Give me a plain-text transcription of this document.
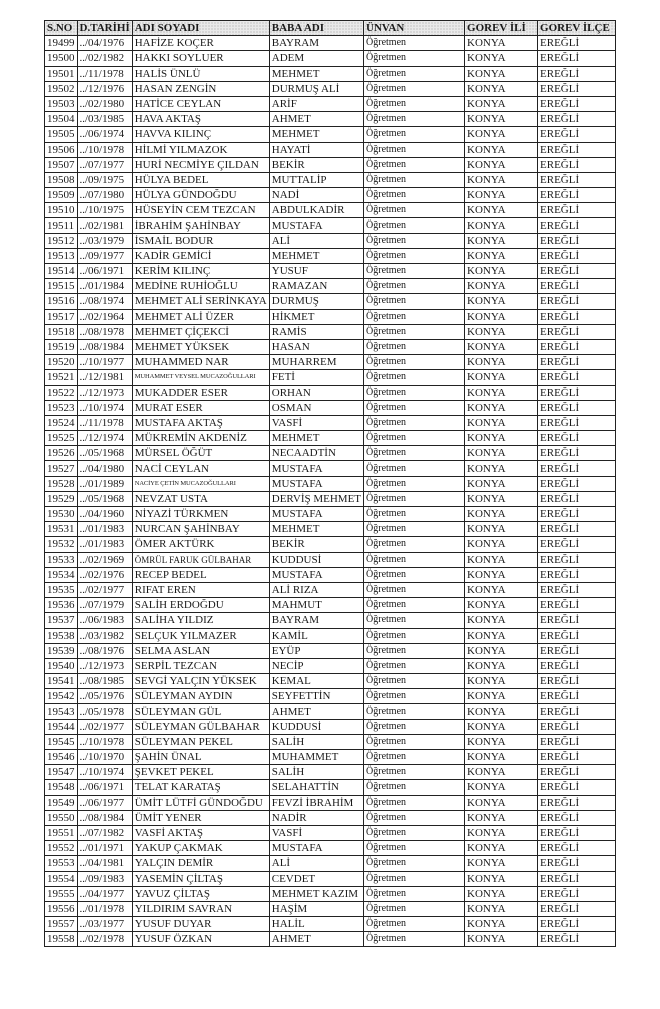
S.NO	D.TARİHİ	ADI SOYADI	BABA ADI	ÜNVAN	GOREV İLİ	GOREV İLÇE
19499	../04/1976	HAFİZE KOÇER	BAYRAM	Öğretmen	KONYA	EREĞLİ
19500	../02/1982	HAKKI SOYLUER	ADEM	Öğretmen	KONYA	EREĞLİ
19501	../11/1978	HALİS ÜNLÜ	MEHMET	Öğretmen	KONYA	EREĞLİ
19502	../12/1976	HASAN ZENGİN	DURMUŞ ALİ	Öğretmen	KONYA	EREĞLİ
19503	../02/1980	HATİCE CEYLAN	ARİF	Öğretmen	KONYA	EREĞLİ
19504	../03/1985	HAVA AKTAŞ	AHMET	Öğretmen	KONYA	EREĞLİ
19505	../06/1974	HAVVA KILINÇ	MEHMET	Öğretmen	KONYA	EREĞLİ
19506	../10/1978	HİLMİ YILMAZOK	HAYATİ	Öğretmen	KONYA	EREĞLİ
19507	../07/1977	HURİ NECMİYE ÇILDAN	BEKİR	Öğretmen	KONYA	EREĞLİ
19508	../09/1975	HÜLYA BEDEL	MUTTALİP	Öğretmen	KONYA	EREĞLİ
19509	../07/1980	HÜLYA GÜNDOĞDU	NADİ	Öğretmen	KONYA	EREĞLİ
19510	../10/1975	HÜSEYİN CEM TEZCAN	ABDULKADİR	Öğretmen	KONYA	EREĞLİ
19511	../02/1981	İBRAHİM ŞAHİNBAY	MUSTAFA	Öğretmen	KONYA	EREĞLİ
19512	../03/1979	İSMAİL BODUR	ALİ	Öğretmen	KONYA	EREĞLİ
19513	../09/1977	KADİR GEMİCİ	MEHMET	Öğretmen	KONYA	EREĞLİ
19514	../06/1971	KERİM KILINÇ	YUSUF	Öğretmen	KONYA	EREĞLİ
19515	../01/1984	MEDİNE RUHİOĞLU	RAMAZAN	Öğretmen	KONYA	EREĞLİ
19516	../08/1974	MEHMET ALİ SERİNKAYA	DURMUŞ	Öğretmen	KONYA	EREĞLİ
19517	../02/1964	MEHMET ALİ ÜZER	HİKMET	Öğretmen	KONYA	EREĞLİ
19518	../08/1978	MEHMET ÇİÇEKCİ	RAMİS	Öğretmen	KONYA	EREĞLİ
19519	../08/1984	MEHMET YÜKSEK	HASAN	Öğretmen	KONYA	EREĞLİ
19520	../10/1977	MUHAMMED NAR	MUHARREM	Öğretmen	KONYA	EREĞLİ
19521	../12/1981	MUHAMMET VEYSEL MUCAZOĞULLARI	FETİ	Öğretmen	KONYA	EREĞLİ
19522	../12/1973	MUKADDER ESER	ORHAN	Öğretmen	KONYA	EREĞLİ
19523	../10/1974	MURAT ESER	OSMAN	Öğretmen	KONYA	EREĞLİ
19524	../11/1978	MUSTAFA AKTAŞ	VASFİ	Öğretmen	KONYA	EREĞLİ
19525	../12/1974	MÜKREMİN AKDENİZ	MEHMET	Öğretmen	KONYA	EREĞLİ
19526	../05/1968	MÜRSEL ÖĞÜT	NECAADTİN	Öğretmen	KONYA	EREĞLİ
19527	../04/1980	NACİ CEYLAN	MUSTAFA	Öğretmen	KONYA	EREĞLİ
19528	../01/1989	NACİYE ÇETİN MUCAZOĞULLARI	MUSTAFA	Öğretmen	KONYA	EREĞLİ
19529	../05/1968	NEVZAT USTA	DERVİŞ MEHMET	Öğretmen	KONYA	EREĞLİ
19530	../04/1960	NİYAZİ TÜRKMEN	MUSTAFA	Öğretmen	KONYA	EREĞLİ
19531	../01/1983	NURCAN ŞAHİNBAY	MEHMET	Öğretmen	KONYA	EREĞLİ
19532	../01/1983	ÖMER AKTÜRK	BEKİR	Öğretmen	KONYA	EREĞLİ
19533	../02/1969	ÖMRÜL FARUK GÜLBAHAR	KUDDUSİ	Öğretmen	KONYA	EREĞLİ
19534	../02/1976	RECEP BEDEL	MUSTAFA	Öğretmen	KONYA	EREĞLİ
19535	../02/1977	RIFAT EREN	ALİ RIZA	Öğretmen	KONYA	EREĞLİ
19536	../07/1979	SALİH ERDOĞDU	MAHMUT	Öğretmen	KONYA	EREĞLİ
19537	../06/1983	SALİHA YILDIZ	BAYRAM	Öğretmen	KONYA	EREĞLİ
19538	../03/1982	SELÇUK YILMAZER	KAMİL	Öğretmen	KONYA	EREĞLİ
19539	../08/1976	SELMA ASLAN	EYÜP	Öğretmen	KONYA	EREĞLİ
19540	../12/1973	SERPİL TEZCAN	NECİP	Öğretmen	KONYA	EREĞLİ
19541	../08/1985	SEVGİ YALÇIN YÜKSEK	KEMAL	Öğretmen	KONYA	EREĞLİ
19542	../05/1976	SÜLEYMAN AYDIN	SEYFETTİN	Öğretmen	KONYA	EREĞLİ
19543	../05/1978	SÜLEYMAN GÜL	AHMET	Öğretmen	KONYA	EREĞLİ
19544	../02/1977	SÜLEYMAN GÜLBAHAR	KUDDUSİ	Öğretmen	KONYA	EREĞLİ
19545	../10/1978	SÜLEYMAN PEKEL	SALİH	Öğretmen	KONYA	EREĞLİ
19546	../10/1970	ŞAHİN ÜNAL	MUHAMMET	Öğretmen	KONYA	EREĞLİ
19547	../10/1974	ŞEVKET PEKEL	SALİH	Öğretmen	KONYA	EREĞLİ
19548	../06/1971	TELAT KARATAŞ	SELAHATTİN	Öğretmen	KONYA	EREĞLİ
19549	../06/1977	ÜMİT LÜTFİ GÜNDOĞDU	FEVZİ İBRAHİM	Öğretmen	KONYA	EREĞLİ
19550	../08/1984	ÜMİT YENER	NADİR	Öğretmen	KONYA	EREĞLİ
19551	../07/1982	VASFİ AKTAŞ	VASFİ	Öğretmen	KONYA	EREĞLİ
19552	../01/1971	YAKUP ÇAKMAK	MUSTAFA	Öğretmen	KONYA	EREĞLİ
19553	../04/1981	YALÇIN DEMİR	ALİ	Öğretmen	KONYA	EREĞLİ
19554	../09/1983	YASEMİN ÇİLTAŞ	CEVDET	Öğretmen	KONYA	EREĞLİ
19555	../04/1977	YAVUZ ÇİLTAŞ	MEHMET KAZIM	Öğretmen	KONYA	EREĞLİ
19556	../01/1978	YILDIRIM SAVRAN	HAŞİM	Öğretmen	KONYA	EREĞLİ
19557	../03/1977	YUSUF DUYAR	HALİL	Öğretmen	KONYA	EREĞLİ
19558	../02/1978	YUSUF ÖZKAN	AHMET	Öğretmen	KONYA	EREĞLİ
